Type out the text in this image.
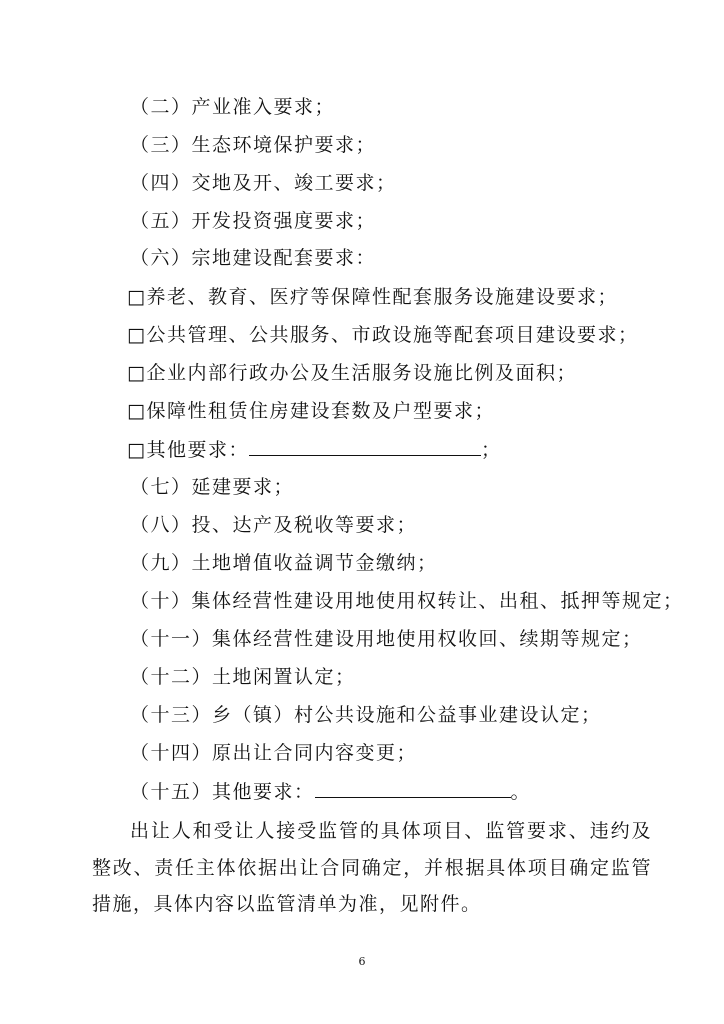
（二）产业准入要求；
（三）生态环境保护要求；
（四）交地及开、竣工要求；
（五）开发投资强度要求；
（六）宗地建设配套要求：
□养老、教育、医疗等保障性配套服务设施建设要求；
□公共管理、公共服务、市政设施等配套项目建设要求；
□企业内部行政办公及生活服务设施比例及面积；
□保障性租赁住房建设套数及户型要求；
□其他要求：	；
（七）延建要求；
（八）投、达产及税收等要求；
（九）土地增值收益调节金缴纳；
（十）集体经营性建设用地使用权转让、出租、抵押等规定；
（十一）集体经营性建设用地使用权收回、续期等规定；
（十二）土地闲置认定；
（十三）乡（镇）村公共设施和公益事业建设认定；
（十四）原出让合同内容变更；
（十五）其他要求：	。
出让人和受让人接受监管的具体项目、监管要求、违约及整改、责任主体依据出让合同确定，并根据具体项目确定监管措施，具体内容以监管清单为准，见附件。
6
